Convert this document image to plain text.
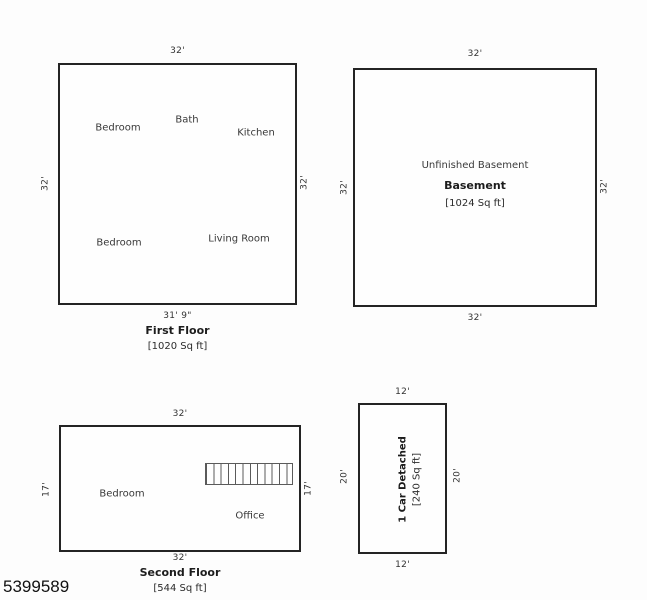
32'
32'	32'
Bedroom
Bath
Kitchen
Bedroom	Living Room
31' 9"
First Floor
[1020 Sq ft]
32'
32'	32'
Unfinished Basement
Basement
[1024 Sq ft]
32'
32'
17'	17'
Bedroom
Office
32'
Second Floor
[544 Sq ft]
12'
20'	20'
1 Car Detached [240 Sq ft]
12'
5399589
